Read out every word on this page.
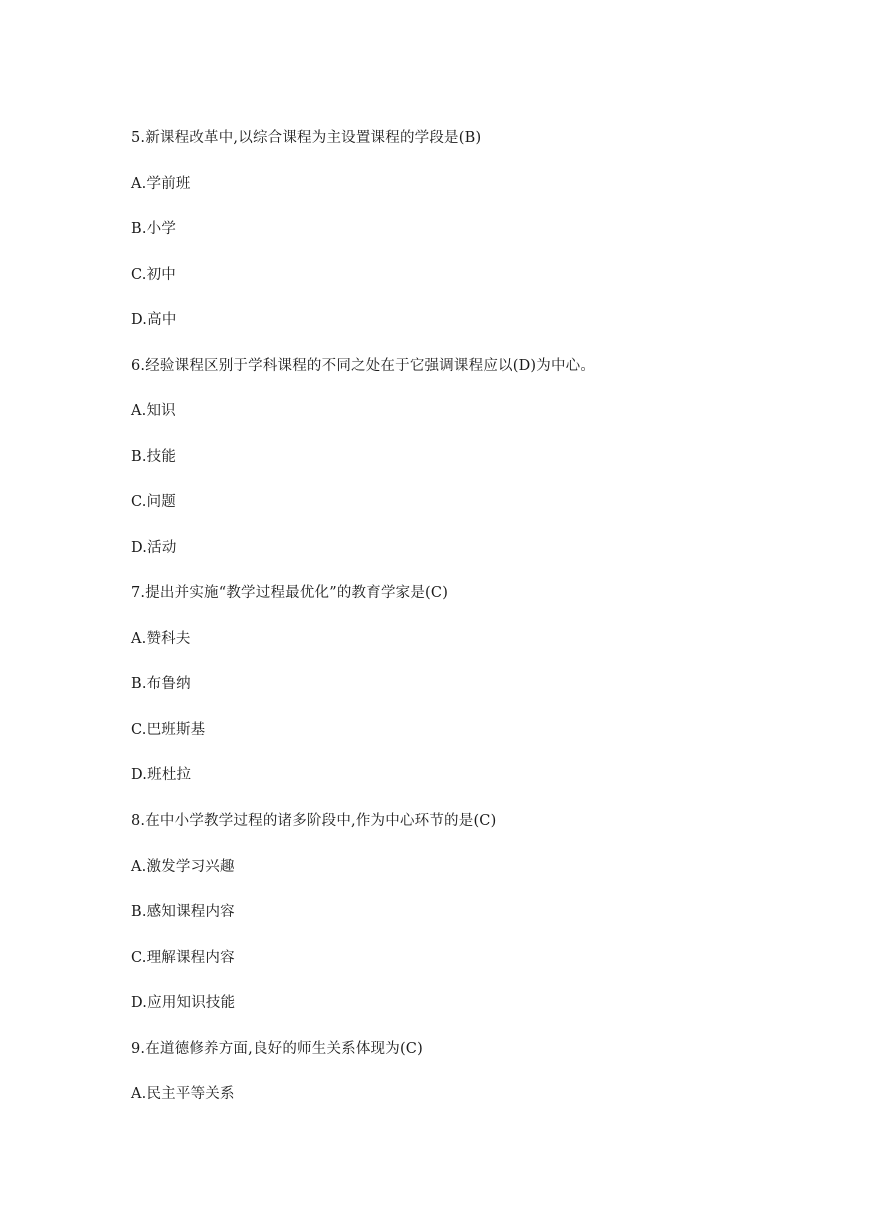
5.新课程改革中,以综合课程为主设置课程的学段是(B)
A.学前班
B.小学
C.初中
D.高中
6.经验课程区别于学科课程的不同之处在于它强调课程应以(D)为中心。
A.知识
B.技能
C.问题
D.活动
7.提出并实施“教学过程最优化”的教育学家是(C)
A.赞科夫
B.布鲁纳
C.巴班斯基
D.班杜拉
8.在中小学教学过程的诸多阶段中,作为中心环节的是(C)
A.激发学习兴趣
B.感知课程内容
C.理解课程内容
D.应用知识技能
9.在道德修养方面,良好的师生关系体现为(C)
A.民主平等关系
